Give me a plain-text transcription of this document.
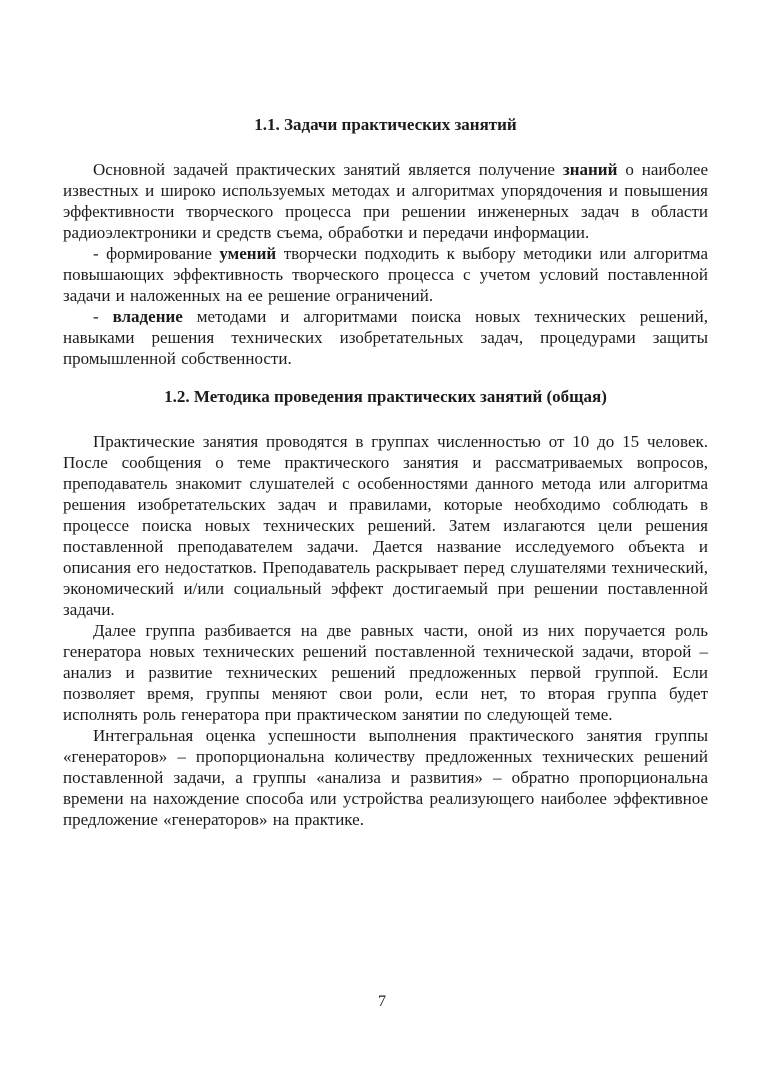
1.1. Задачи практических занятий

Основной задачей практических занятий является получение знаний о наиболее известных и широко используемых методах и алгоритмах упорядочения и повышения эффективности творческого процесса при решении инженерных задач в области радиоэлектроники и средств съема, обработки и передачи информации.

- формирование умений творчески подходить к выбору методики или алгоритма повышающих эффективность творческого процесса с учетом условий поставленной задачи и наложенных на ее решение ограничений.

- владение методами и алгоритмами поиска новых технических решений, навыками решения технических изобретательных задач, процедурами защиты промышленной собственности.

1.2. Методика проведения практических занятий (общая)

Практические занятия проводятся в группах численностью от 10 до 15 человек. После сообщения о теме практического занятия и рассматриваемых вопросов, преподаватель знакомит слушателей с особенностями данного метода или алгоритма решения изобретательских задач и правилами, которые необходимо соблюдать в процессе поиска новых технических решений. Затем излагаются цели решения поставленной преподавателем задачи. Дается название исследуемого объекта и описания его недостатков. Преподаватель раскрывает перед слушателями технический, экономический и/или социальный эффект достигаемый при решении поставленной задачи.

Далее группа разбивается на две равных части, оной из них поручается роль генератора новых технических решений поставленной технической задачи, второй – анализ и развитие технических решений предложенных первой группой. Если позволяет время, группы меняют свои роли, если нет, то вторая группа будет исполнять роль генератора при практическом занятии по следующей теме.

Интегральная оценка успешности выполнения практического занятия группы «генераторов» – пропорциональна количеству предложенных технических решений поставленной задачи, а группы «анализа и развития» – обратно пропорциональна времени на нахождение способа или устройства реализующего наиболее эффективное предложение «генераторов» на практике.

7
